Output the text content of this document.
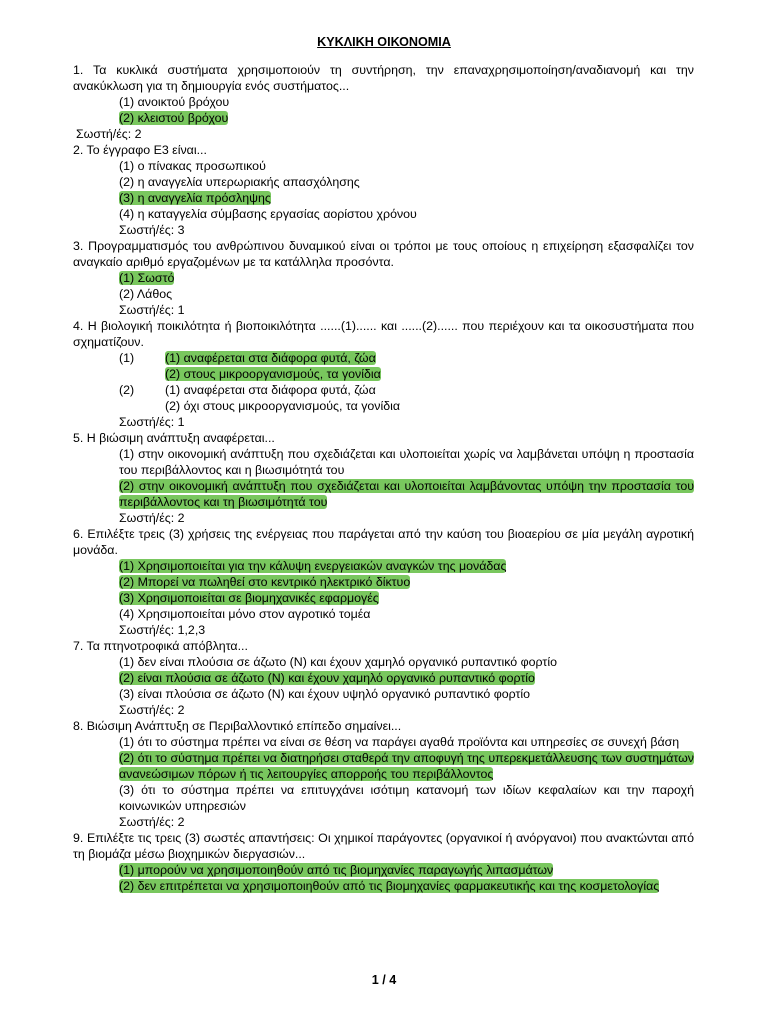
ΚΥΚΛΙΚΗ ΟΙΚΟΝΟΜΙΑ
1. Τα κυκλικά συστήματα χρησιμοποιούν τη συντήρηση, την επαναχρησιμοποίηση/αναδιανομή και την ανακύκλωση για τη δημιουργία ενός συστήματος...
(1) ανοικτού βρόχου
(2) κλειστού βρόχου
Σωστή/ές: 2
2. Το έγγραφο Ε3 είναι...
(1) ο πίνακας προσωπικού
(2) η αναγγελία υπερωριακής απασχόλησης
(3) η αναγγελία πρόσληψης
(4) η καταγγελία σύμβασης εργασίας αορίστου χρόνου
Σωστή/ές: 3
3. Προγραμματισμός του ανθρώπινου δυναμικού είναι οι τρόποι με τους οποίους η επιχείρηση εξασφαλίζει τον αναγκαίο αριθμό εργαζομένων με τα κατάλληλα προσόντα.
(1) Σωστό
(2) Λάθος
Σωστή/ές: 1
4. Η βιολογική ποικιλότητα ή βιοποικιλότητα ......(1)...... και ......(2)...... που περιέχουν και τα οικοσυστήματα που σχηματίζουν.
(1)	(1) αναφέρεται στα διάφορα φυτά, ζώα
(2) στους μικροοργανισμούς, τα γονίδια
(2)	(1) αναφέρεται στα διάφορα φυτά, ζώα
(2) όχι στους μικροοργανισμούς, τα γονίδια
Σωστή/ές: 1
5. Η βιώσιμη ανάπτυξη αναφέρεται...
(1) στην οικονομική ανάπτυξη που σχεδιάζεται και υλοποιείται χωρίς να λαμβάνεται υπόψη η προστασία του περιβάλλοντος και η βιωσιμότητά του
(2) στην οικονομική ανάπτυξη που σχεδιάζεται και υλοποιείται λαμβάνοντας υπόψη την προστασία του περιβάλλοντος και τη βιωσιμότητά του
Σωστή/ές: 2
6. Επιλέξτε τρεις (3) χρήσεις της ενέργειας που παράγεται από την καύση του βιοαερίου σε μία μεγάλη αγροτική μονάδα.
(1) Χρησιμοποιείται για την κάλυψη ενεργειακών αναγκών της μονάδας
(2) Μπορεί να πωληθεί στο κεντρικό ηλεκτρικό δίκτυο
(3) Χρησιμοποιείται σε βιομηχανικές εφαρμογές
(4) Χρησιμοποιείται μόνο στον αγροτικό τομέα
Σωστή/ές: 1,2,3
7. Τα πτηνοτροφικά απόβλητα...
(1) δεν είναι πλούσια σε άζωτο (N) και έχουν χαμηλό οργανικό ρυπαντικό φορτίο
(2) είναι πλούσια σε άζωτο (N) και έχουν χαμηλό οργανικό ρυπαντικό φορτίο
(3) είναι πλούσια σε άζωτο (N) και έχουν υψηλό οργανικό ρυπαντικό φορτίο
Σωστή/ές: 2
8. Βιώσιμη Ανάπτυξη σε Περιβαλλοντικό επίπεδο σημαίνει...
(1) ότι το σύστημα πρέπει να είναι σε θέση να παράγει αγαθά προϊόντα και υπηρεσίες σε συνεχή βάση
(2) ότι το σύστημα πρέπει να διατηρήσει σταθερά την αποφυγή της υπερεκμετάλλευσης των συστημάτων ανανεώσιμων πόρων ή τις λειτουργίες απορροής του περιβάλλοντος
(3) ότι το σύστημα πρέπει να επιτυγχάνει ισότιμη κατανομή των ιδίων κεφαλαίων και την παροχή κοινωνικών υπηρεσιών
Σωστή/ές: 2
9. Επιλέξτε τις τρεις (3) σωστές απαντήσεις: Οι χημικοί παράγοντες (οργανικοί ή ανόργανοι) που ανακτώνται από τη βιομάζα μέσω βιοχημικών διεργασιών...
(1) μπορούν να χρησιμοποιηθούν από τις βιομηχανίες παραγωγής λιπασμάτων
(2) δεν επιτρέπεται να χρησιμοποιηθούν από τις βιομηχανίες φαρμακευτικής και της κοσμετολογίας
1 / 4
